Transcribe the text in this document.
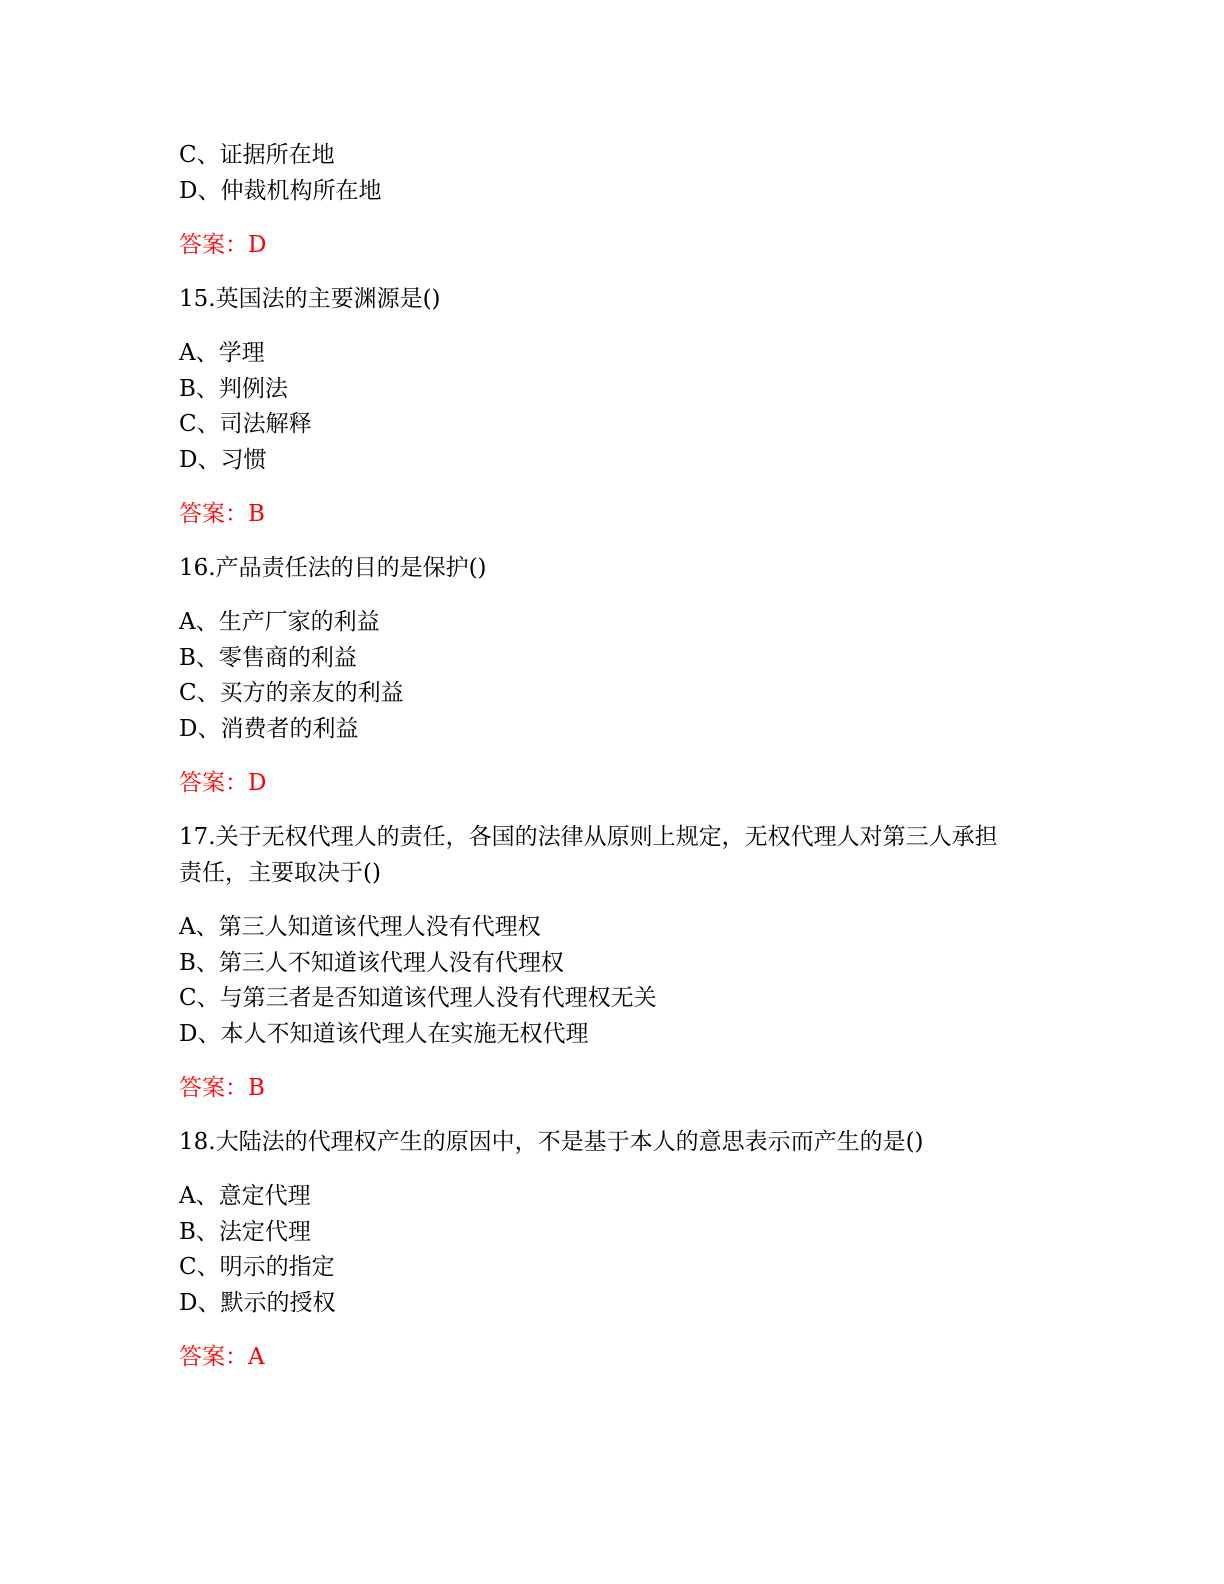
C、证据所在地
D、仲裁机构所在地
答案：D
15.英国法的主要渊源是()
A、学理
B、判例法
C、司法解释
D、习惯
答案：B
16.产品责任法的目的是保护()
A、生产厂家的利益
B、零售商的利益
C、买方的亲友的利益
D、消费者的利益
答案：D
17.关于无权代理人的责任，各国的法律从原则上规定，无权代理人对第三人承担
责任，主要取决于()
A、第三人知道该代理人没有代理权
B、第三人不知道该代理人没有代理权
C、与第三者是否知道该代理人没有代理权无关
D、本人不知道该代理人在实施无权代理
答案：B
18.大陆法的代理权产生的原因中，不是基于本人的意思表示而产生的是()
A、意定代理
B、法定代理
C、明示的指定
D、默示的授权
答案：A
